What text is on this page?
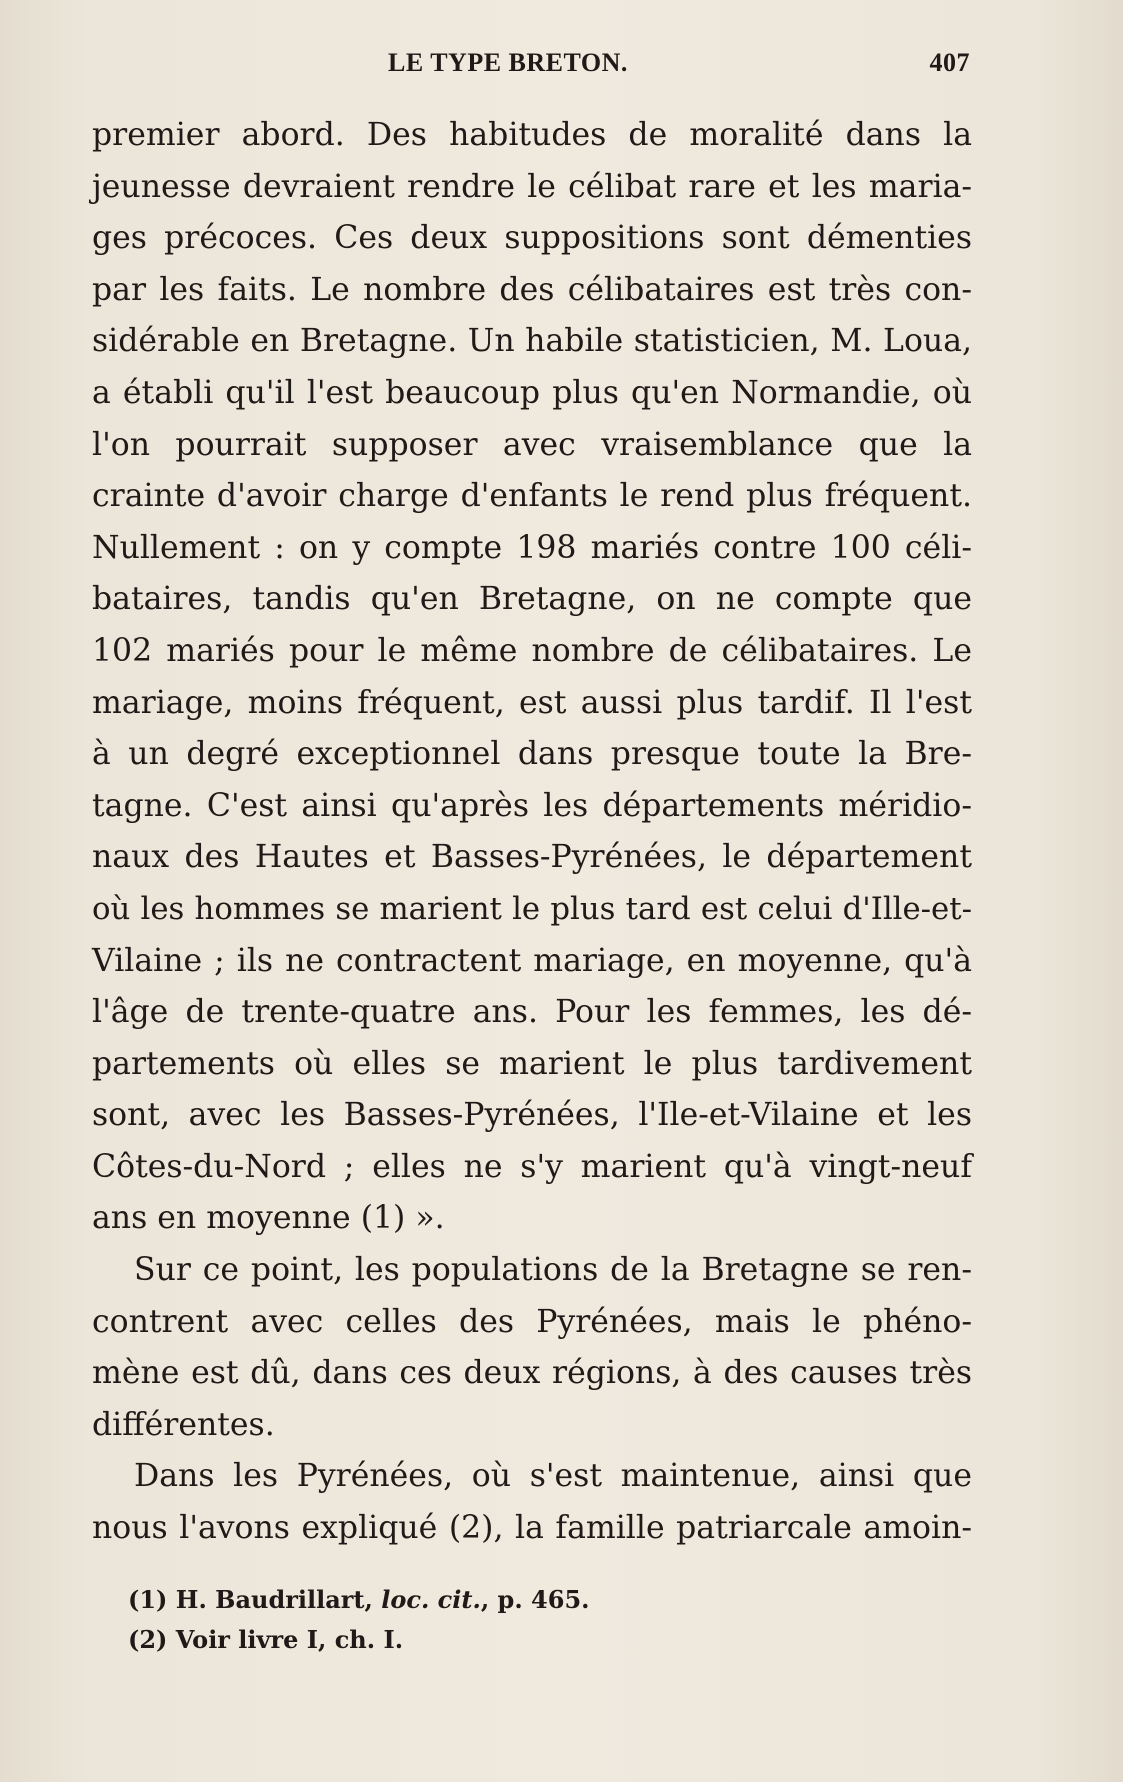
LE TYPE BRETON.	407
premier abord. Des habitudes de moralité dans la
jeunesse devraient rendre le célibat rare et les maria-
ges précoces. Ces deux suppositions sont démenties
par les faits. Le nombre des célibataires est très con-
sidérable en Bretagne. Un habile statisticien, M. Loua,
a établi qu'il l'est beaucoup plus qu'en Normandie, où
l'on pourrait supposer avec vraisemblance que la
crainte d'avoir charge d'enfants le rend plus fréquent.
Nullement : on y compte 198 mariés contre 100 céli-
bataires, tandis qu'en Bretagne, on ne compte que
102 mariés pour le même nombre de célibataires. Le
mariage, moins fréquent, est aussi plus tardif. Il l'est
à un degré exceptionnel dans presque toute la Bre-
tagne. C'est ainsi qu'après les départements méridio-
naux des Hautes et Basses-Pyrénées, le département
où les hommes se marient le plus tard est celui d'Ille-et-
Vilaine ; ils ne contractent mariage, en moyenne, qu'à
l'âge de trente-quatre ans. Pour les femmes, les dé-
partements où elles se marient le plus tardivement
sont, avec les Basses-Pyrénées, l'Ile-et-Vilaine et les
Côtes-du-Nord ; elles ne s'y marient qu'à vingt-neuf
ans en moyenne (1) ».
Sur ce point, les populations de la Bretagne se ren-
contrent avec celles des Pyrénées, mais le phéno-
mène est dû, dans ces deux régions, à des causes très
différentes.
Dans les Pyrénées, où s'est maintenue, ainsi que
nous l'avons expliqué (2), la famille patriarcale amoin-
(1) H. Baudrillart, loc. cit., p. 465.
(2) Voir livre I, ch. I.
